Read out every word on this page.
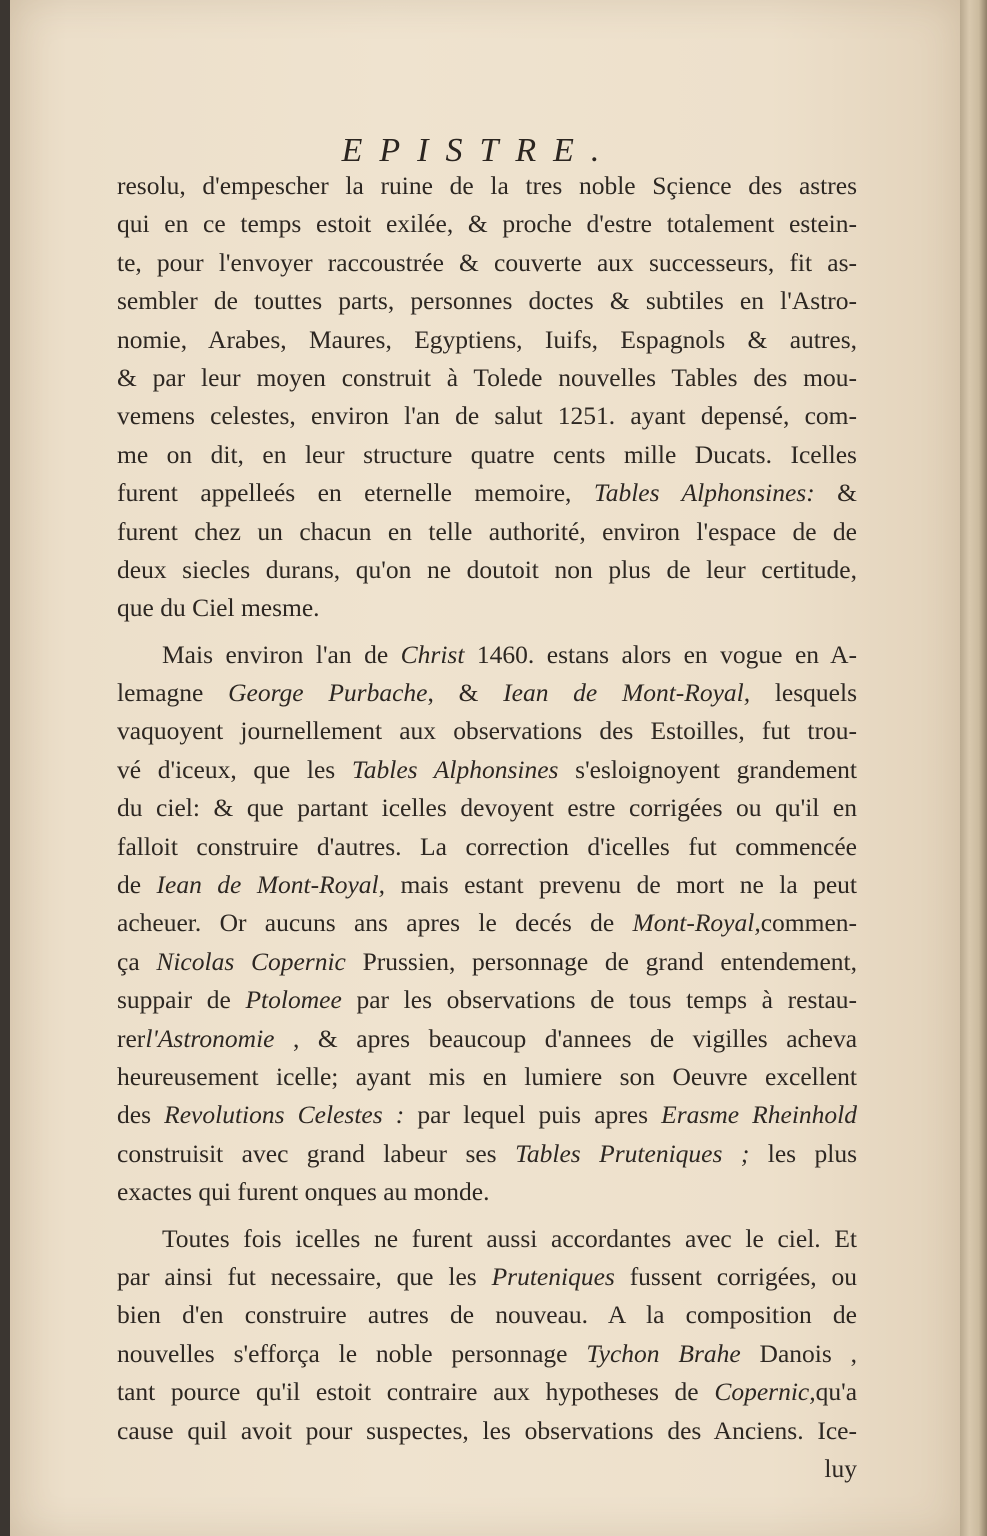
EPISTRE.
resolu, d'empescher la ruine de la tres noble Sçience des astres
qui en ce temps estoit exilée, & proche d'estre totalement estein-
te, pour l'envoyer raccoustrée & couverte aux successeurs, fit as-
sembler de touttes parts, personnes doctes & subtiles en l'Astro-
nomie, Arabes, Maures, Egyptiens, Iuifs, Espagnols & autres,
& par leur moyen construit à Tolede nouvelles Tables des mou-
vemens celestes, environ l'an de salut 1251. ayant depensé, com-
me on dit, en leur structure quatre cents mille Ducats. Icelles
furent appelleés en eternelle memoire, Tables Alphonsines: &
furent chez un chacun en telle authorité, environ l'espace de de
deux siecles durans, qu'on ne doutoit non plus de leur certitude,
que du Ciel mesme.
Mais environ l'an de Christ 1460. estans alors en vogue en A-
lemagne George Purbache, & Iean de Mont-Royal, lesquels
vaquoyent journellement aux observations des Estoilles, fut trou-
vé d'iceux, que les Tables Alphonsines s'esloignoyent grandement
du ciel: & que partant icelles devoyent estre corrigées ou qu'il en
falloit construire d'autres. La correction d'icelles fut commencée
de Iean de Mont-Royal, mais estant prevenu de mort ne la peut
acheuer. Or aucuns ans apres le decés de Mont-Royal,commen-
ça Nicolas Copernic Prussien, personnage de grand entendement,
suppair de Ptolomee par les observations de tous temps à restau-
rerl'Astronomie , & apres beaucoup d'annees de vigilles acheva
heureusement icelle; ayant mis en lumiere son Oeuvre excellent
des Revolutions Celestes : par lequel puis apres Erasme Rheinhold
construisit avec grand labeur ses Tables Pruteniques ; les plus
exactes qui furent onques au monde.
Toutes fois icelles ne furent aussi accordantes avec le ciel. Et
par ainsi fut necessaire, que les Pruteniques fussent corrigées, ou
bien d'en construire autres de nouveau. A la composition de
nouvelles s'efforça le noble personnage Tychon Brahe Danois ,
tant pource qu'il estoit contraire aux hypotheses de Copernic,qu'a
cause quil avoit pour suspectes, les observations des Anciens. Ice-
luy
